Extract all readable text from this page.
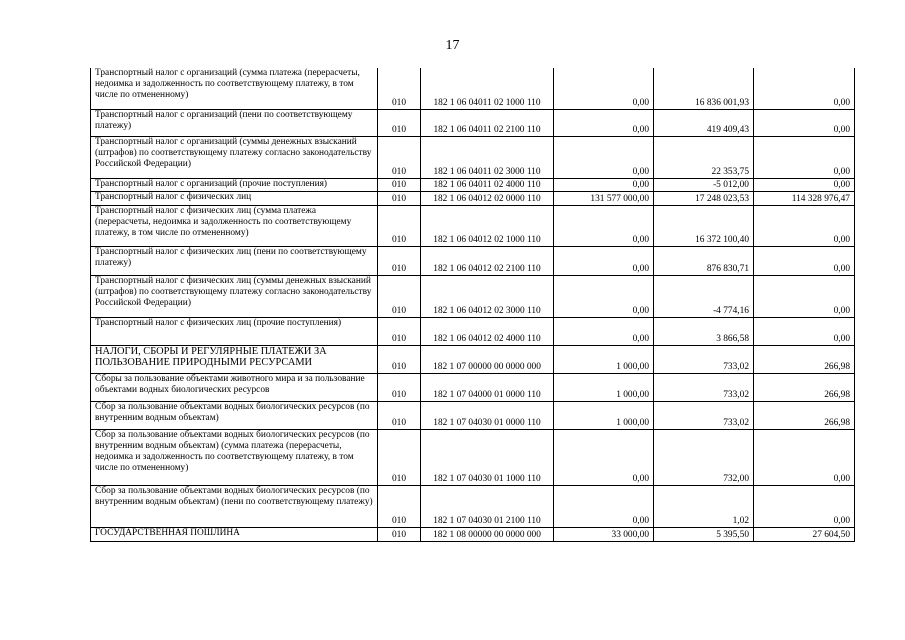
17
Транспортный налог с организаций (сумма платежа (перерасчеты, недоимка и задолженность по соответствующему платежу, в том числе по отмененному)	010	182 1 06 04011 02 1000 110	0,00	16 836 001,93	0,00
Транспортный налог с организаций (пени по соответствующему платежу)	010	182 1 06 04011 02 2100 110	0,00	419 409,43	0,00
Транспортный налог с организаций (суммы денежных взысканий (штрафов) по соответствующему платежу согласно законодательству Российской Федерации)	010	182 1 06 04011 02 3000 110	0,00	22 353,75	0,00
Транспортный налог с организаций (прочие поступления)	010	182 1 06 04011 02 4000 110	0,00	-5 012,00	0,00
Транспортный налог с физических лиц	010	182 1 06 04012 02 0000 110	131 577 000,00	17 248 023,53	114 328 976,47
Транспортный налог с физических лиц (сумма платежа (перерасчеты, недоимка и задолженность по соответствующему платежу, в том числе по отмененному)	010	182 1 06 04012 02 1000 110	0,00	16 372 100,40	0,00
Транспортный налог с физических лиц (пени по соответствующему платежу)	010	182 1 06 04012 02 2100 110	0,00	876 830,71	0,00
Транспортный налог с физических лиц (суммы денежных взысканий (штрафов) по соответствующему платежу согласно законодательству Российской Федерации)	010	182 1 06 04012 02 3000 110	0,00	-4 774,16	0,00
Транспортный налог с физических лиц (прочие поступления)	010	182 1 06 04012 02 4000 110	0,00	3 866,58	0,00
НАЛОГИ, СБОРЫ И РЕГУЛЯРНЫЕ ПЛАТЕЖИ ЗА ПОЛЬЗОВАНИЕ ПРИРОДНЫМИ РЕСУРСАМИ	010	182 1 07 00000 00 0000 000	1 000,00	733,02	266,98
Сборы за пользование объектами животного мира и за пользование объектами водных биологических ресурсов	010	182 1 07 04000 01 0000 110	1 000,00	733,02	266,98
Сбор за пользование объектами водных биологических ресурсов (по внутренним водным объектам)	010	182 1 07 04030 01 0000 110	1 000,00	733,02	266,98
Сбор за пользование объектами водных биологических ресурсов (по внутренним водным объектам) (сумма платежа (перерасчеты, недоимка и задолженность по соответствующему платежу, в том числе по отмененному)	010	182 1 07 04030 01 1000 110	0,00	732,00	0,00
Сбор за пользование объектами водных биологических ресурсов (по внутренним водным объектам) (пени по соответствующему платежу)	010	182 1 07 04030 01 2100 110	0,00	1,02	0,00
ГОСУДАРСТВЕННАЯ ПОШЛИНА	010	182 1 08 00000 00 0000 000	33 000,00	5 395,50	27 604,50
